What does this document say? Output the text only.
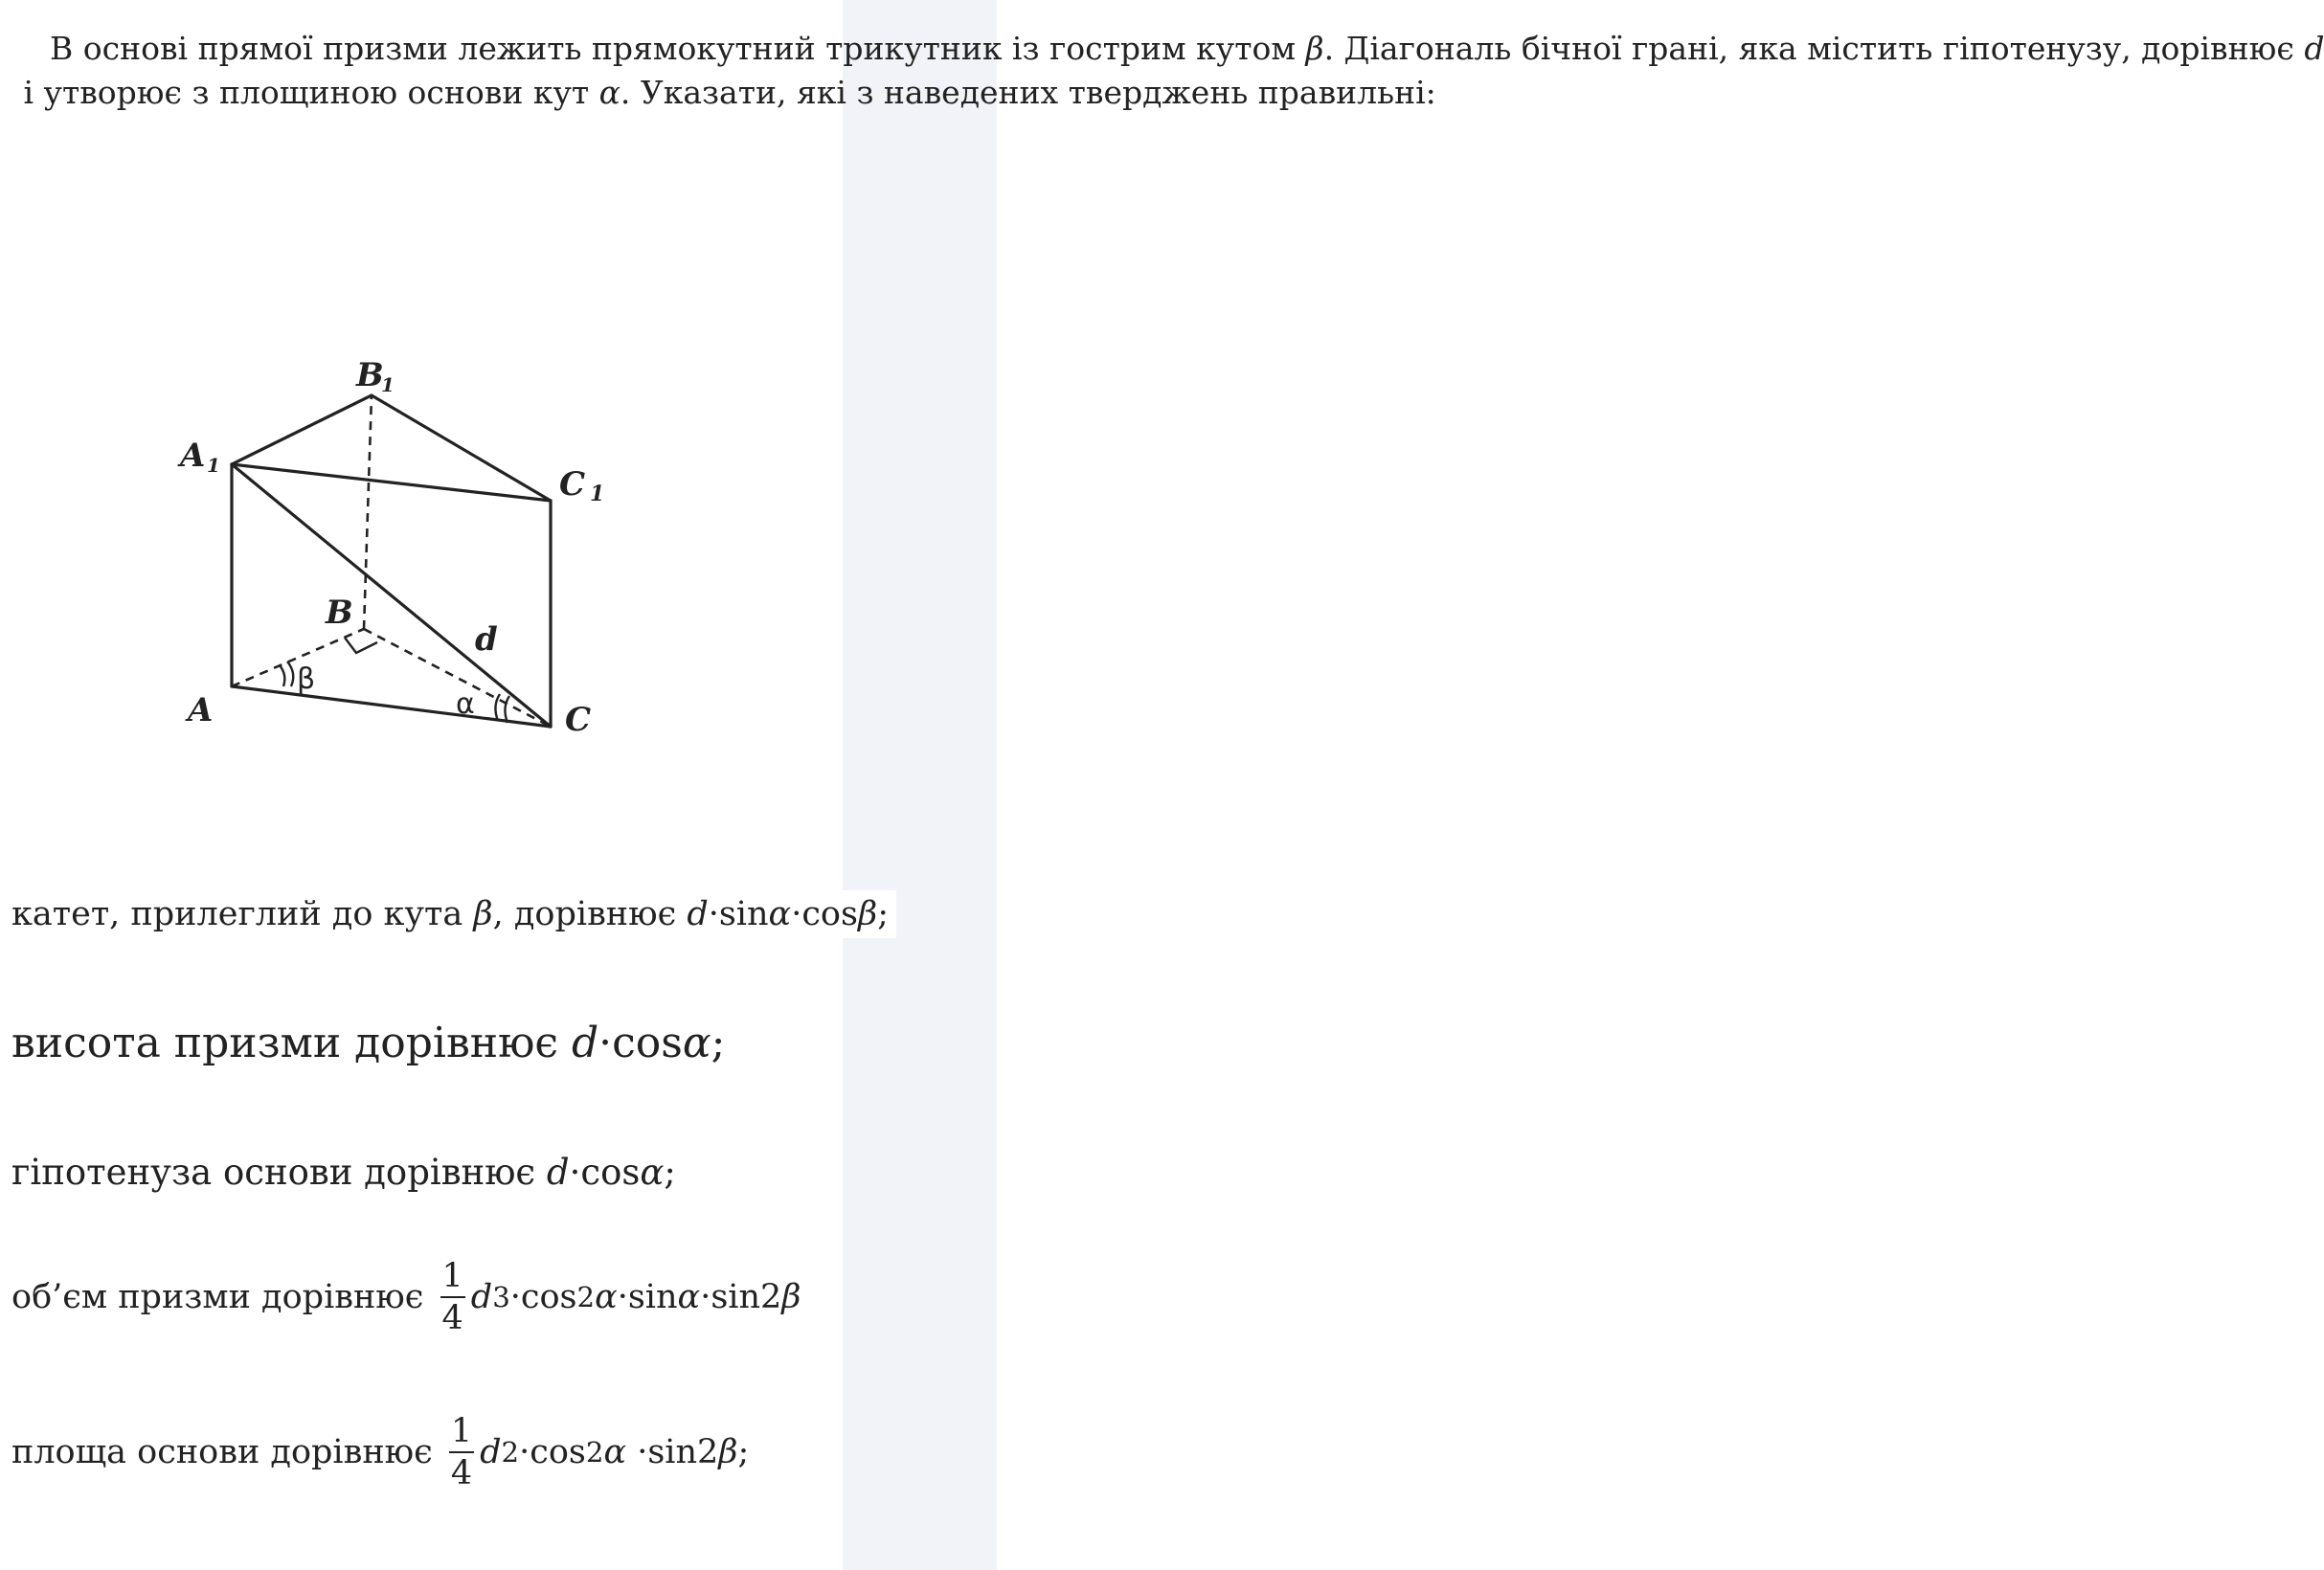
В основі прямої призми лежить прямокутний трикутник із гострим кутом β. Діагональ бічної грані, яка містить гіпотенузу, дорівнює d і утворює з площиною основи кут α. Указати, які з наведених тверджень правильні:

A 1
B
1
C 1
A
B
C
d
β
α
катет, прилеглий до кута β, дорівнює d·sinα·cosβ;
висота призми дорівнює d·cosα;
гіпотенуза основи дорівнює d·cosα;
об’єм призми дорівнює $\frac{1}{4}$ d 3 ·cos 2 α ·sin α ·sin2 β
площа основи дорівнює $\frac{1}{4}$ d 2 ·cos 2 α ·sin2 β ;
